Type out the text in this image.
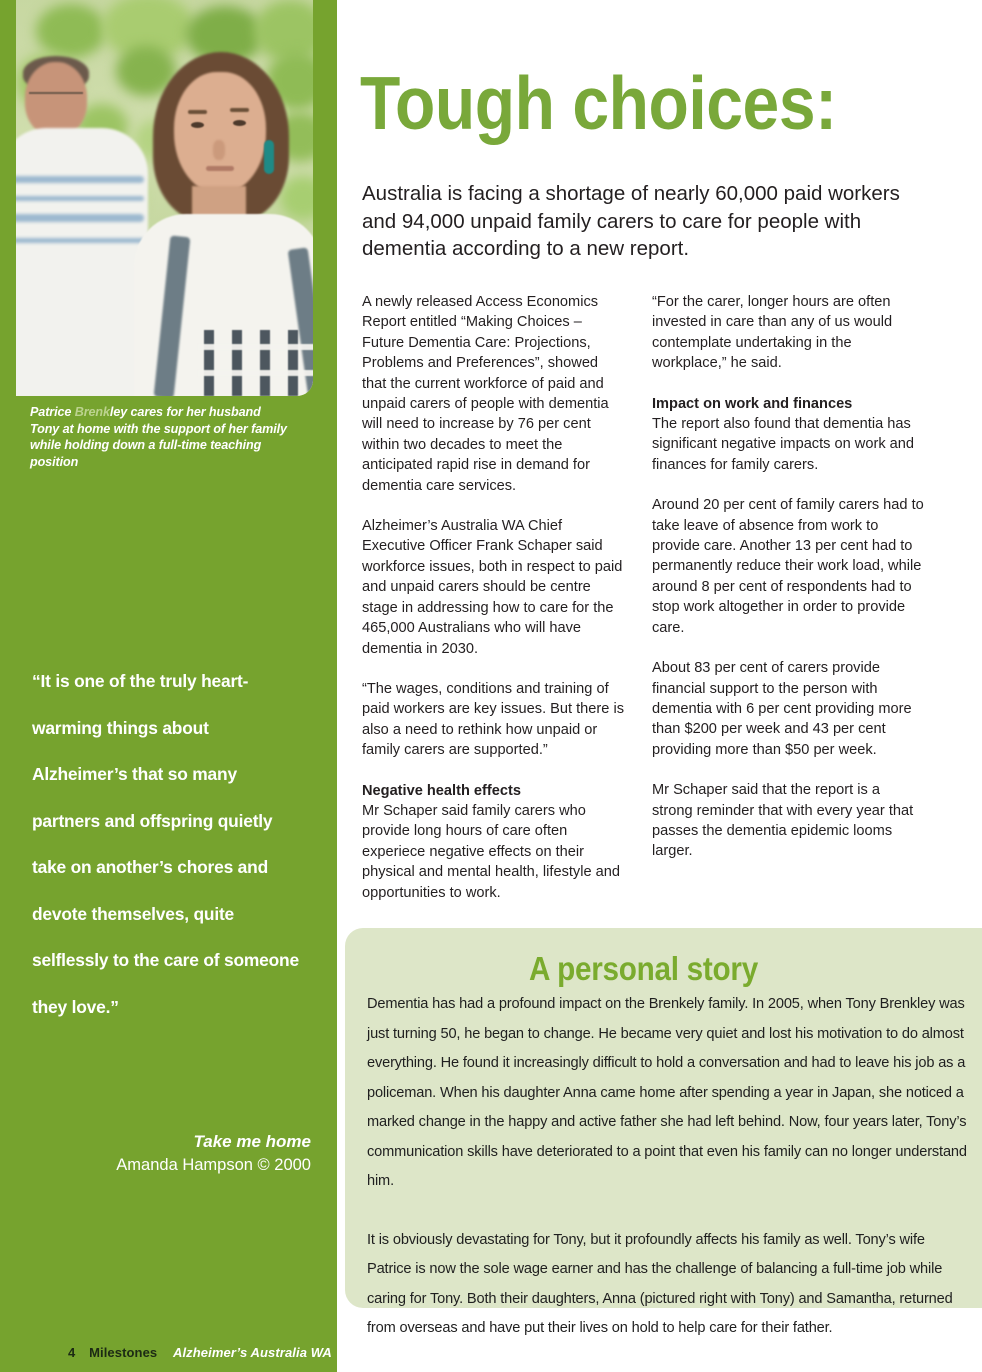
Patrice Brenkley cares for her husband Tony at home with the support of her family while holding down a full-time teaching position
“It is one of the truly heart-warming things about Alzheimer’s that so many partners and offspring quietly take on another’s chores and devote themselves, quite selflessly to the care of someone they love.”
Take me home
Amanda Hampson © 2000
4 Milestones Alzheimer’s Australia WA
Tough choices:
Australia is facing a shortage of nearly 60,000 paid workers and 94,000 unpaid family carers to care for people with dementia according to a new report.

A newly released Access Economics Report entitled “Making Choices – Future Dementia Care: Projections, Problems and Preferences”, showed that the current workforce of paid and unpaid carers of people with dementia will need to increase by 76 per cent within two decades to meet the anticipated rapid rise in demand for dementia care services.

Alzheimer’s Australia WA Chief Executive Officer Frank Schaper said workforce issues, both in respect to paid and unpaid carers should be centre stage in addressing how to care for the 465,000 Australians who will have dementia in 2030.

“The wages, conditions and training of paid workers are key issues. But there is also a need to rethink how unpaid or family carers are supported.”

Negative health effects

Mr Schaper said family carers who provide long hours of care often experiece negative effects on their physical and mental health, lifestyle and opportunities to work.

“For the carer, longer hours are often invested in care than any of us would contemplate undertaking in the workplace,” he said.

Impact on work and finances

The report also found that dementia has significant negative impacts on work and finances for family carers.

Around 20 per cent of family carers had to take leave of absence from work to provide care. Another 13 per cent had to permanently reduce their work load, while around 8 per cent of respondents had to stop work altogether in order to provide care.

About 83 per cent of carers provide financial support to the person with dementia with 6 per cent providing more than $200 per week and 43 per cent providing more than $50 per week.

Mr Schaper said that the report is a strong reminder that with every year that passes the dementia epidemic looms larger.

A personal story

Dementia has had a profound impact on the Brenkely family. In 2005, when Tony Brenkley was just turning 50, he began to change. He became very quiet and lost his motivation to do almost everything. He found it increasingly difficult to hold a conversation and had to leave his job as a policeman. When his daughter Anna came home after spending a year in Japan, she noticed a marked change in the happy and active father she had left behind. Now, four years later, Tony’s communication skills have deteriorated to a point that even his family can no longer understand him.

It is obviously devastating for Tony, but it profoundly affects his family as well. Tony’s wife Patrice is now the sole wage earner and has the challenge of balancing a full-time job while caring for Tony. Both their daughters, Anna (pictured right with Tony) and Samantha, returned from overseas and have put their lives on hold to help care for their father.
